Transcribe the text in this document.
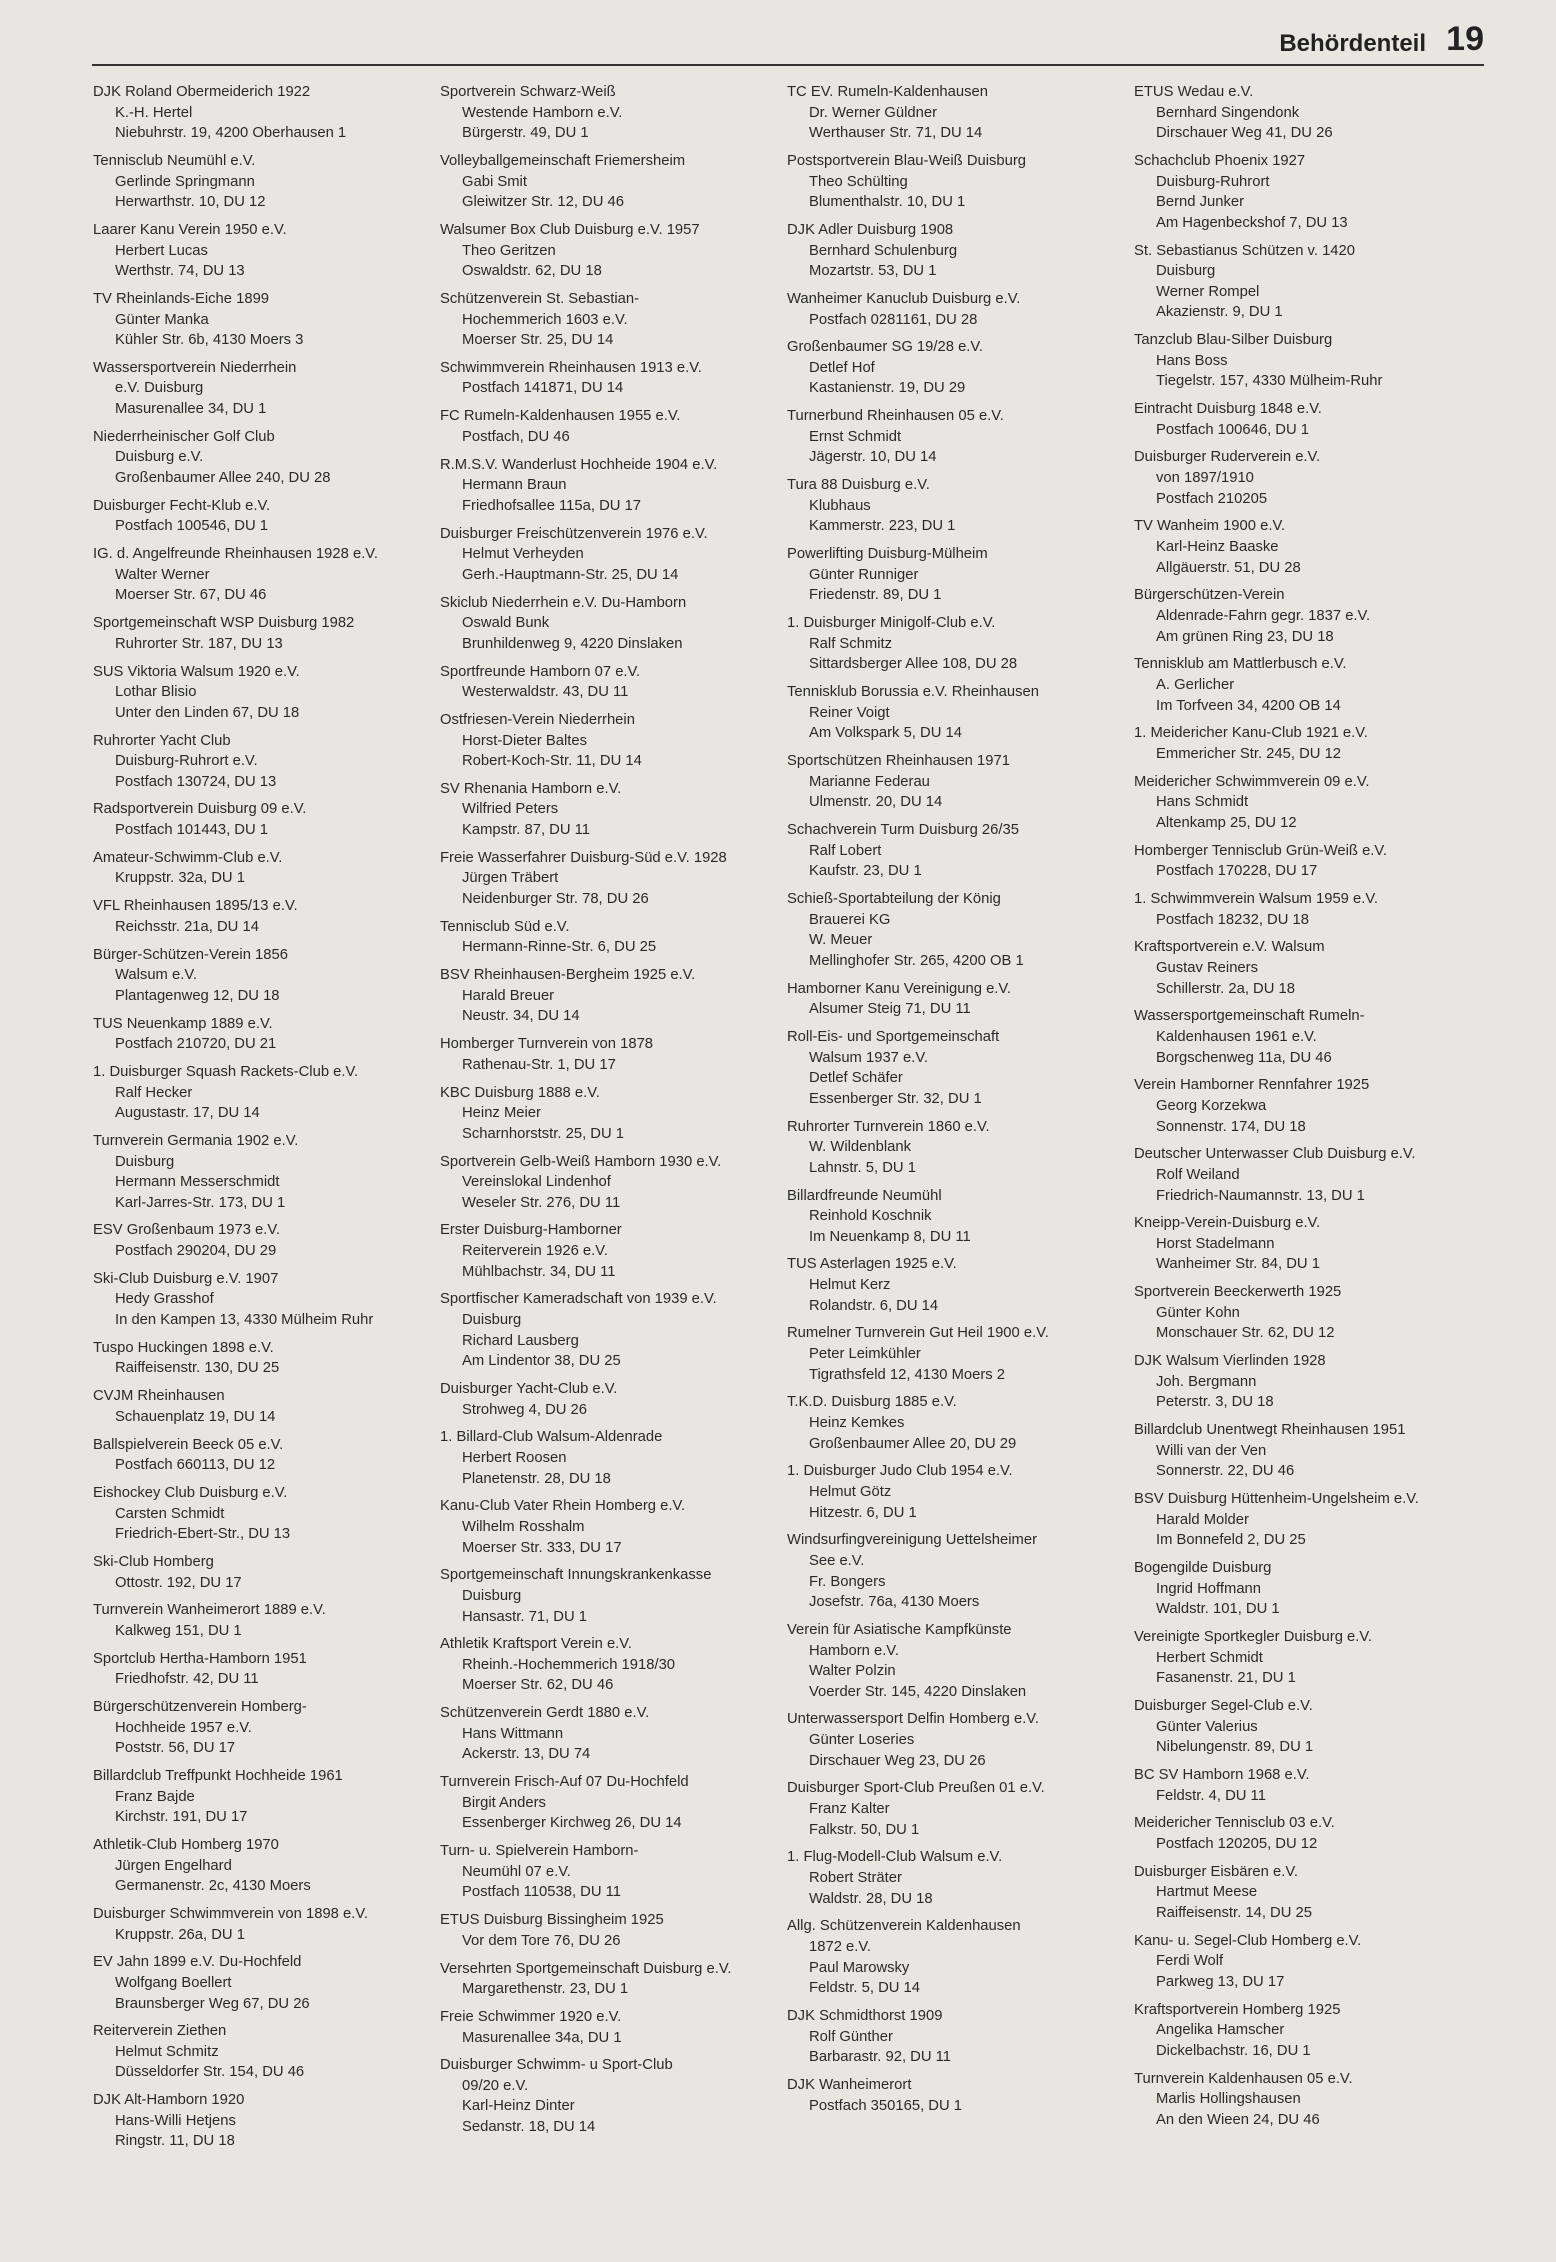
Behördenteil 19
DJK Roland Obermeiderich 1922
K.-H. Hertel
Niebuhrstr. 19, 4200 Oberhausen 1
Tennisclub Neumühl e.V.
Gerlinde Springmann
Herwarthstr. 10, DU 12
Laarer Kanu Verein 1950 e.V.
Herbert Lucas
Werthstr. 74, DU 13
TV Rheinlands-Eiche 1899
Günter Manka
Kühler Str. 6b, 4130 Moers 3
Wassersportverein Niederrhein
e.V. Duisburg
Masurenallee 34, DU 1
Niederrheinischer Golf Club
Duisburg e.V.
Großenbaumer Allee 240, DU 28
Duisburger Fecht-Klub e.V.
Postfach 100546, DU 1
IG. d. Angelfreunde Rheinhausen 1928 e.V.
Walter Werner
Moerser Str. 67, DU 46
Sportgemeinschaft WSP Duisburg 1982
Ruhrorter Str. 187, DU 13
SUS Viktoria Walsum 1920 e.V.
Lothar Blisio
Unter den Linden 67, DU 18
Ruhrorter Yacht Club
Duisburg-Ruhrort e.V.
Postfach 130724, DU 13
Radsportverein Duisburg 09 e.V.
Postfach 101443, DU 1
Amateur-Schwimm-Club e.V.
Kruppstr. 32a, DU 1
VFL Rheinhausen 1895/13 e.V.
Reichsstr. 21a, DU 14
Bürger-Schützen-Verein 1856
Walsum e.V.
Plantagenweg 12, DU 18
TUS Neuenkamp 1889 e.V.
Postfach 210720, DU 21
1. Duisburger Squash Rackets-Club e.V.
Ralf Hecker
Augustastr. 17, DU 14
Turnverein Germania 1902 e.V.
Duisburg
Hermann Messerschmidt
Karl-Jarres-Str. 173, DU 1
ESV Großenbaum 1973 e.V.
Postfach 290204, DU 29
Ski-Club Duisburg e.V. 1907
Hedy Grasshof
In den Kampen 13, 4330 Mülheim Ruhr
Tuspo Huckingen 1898 e.V.
Raiffeisenstr. 130, DU 25
CVJM Rheinhausen
Schauenplatz 19, DU 14
Ballspielverein Beeck 05 e.V.
Postfach 660113, DU 12
Eishockey Club Duisburg e.V.
Carsten Schmidt
Friedrich-Ebert-Str., DU 13
Ski-Club Homberg
Ottostr. 192, DU 17
Turnverein Wanheimerort 1889 e.V.
Kalkweg 151, DU 1
Sportclub Hertha-Hamborn 1951
Friedhofstr. 42, DU 11
Bürgerschützenverein Homberg-
Hochheide 1957 e.V.
Poststr. 56, DU 17
Billardclub Treffpunkt Hochheide 1961
Franz Bajde
Kirchstr. 191, DU 17
Athletik-Club Homberg 1970
Jürgen Engelhard
Germanenstr. 2c, 4130 Moers
Duisburger Schwimmverein von 1898 e.V.
Kruppstr. 26a, DU 1
EV Jahn 1899 e.V. Du-Hochfeld
Wolfgang Boellert
Braunsberger Weg 67, DU 26
Reiterverein Ziethen
Helmut Schmitz
Düsseldorfer Str. 154, DU 46
DJK Alt-Hamborn 1920
Hans-Willi Hetjens
Ringstr. 11, DU 18
Sportverein Schwarz-Weiß
Westende Hamborn e.V.
Bürgerstr. 49, DU 1
Volleyballgemeinschaft Friemersheim
Gabi Smit
Gleiwitzer Str. 12, DU 46
Walsumer Box Club Duisburg e.V. 1957
Theo Geritzen
Oswaldstr. 62, DU 18
Schützenverein St. Sebastian-
Hochemmerich 1603 e.V.
Moerser Str. 25, DU 14
Schwimmverein Rheinhausen 1913 e.V.
Postfach 141871, DU 14
FC Rumeln-Kaldenhausen 1955 e.V.
Postfach, DU 46
R.M.S.V. Wanderlust Hochheide 1904 e.V.
Hermann Braun
Friedhofsallee 115a, DU 17
Duisburger Freischützenverein 1976 e.V.
Helmut Verheyden
Gerh.-Hauptmann-Str. 25, DU 14
Skiclub Niederrhein e.V. Du-Hamborn
Oswald Bunk
Brunhildenweg 9, 4220 Dinslaken
Sportfreunde Hamborn 07 e.V.
Westerwaldstr. 43, DU 11
Ostfriesen-Verein Niederrhein
Horst-Dieter Baltes
Robert-Koch-Str. 11, DU 14
SV Rhenania Hamborn e.V.
Wilfried Peters
Kampstr. 87, DU 11
Freie Wasserfahrer Duisburg-Süd e.V. 1928
Jürgen Träbert
Neidenburger Str. 78, DU 26
Tennisclub Süd e.V.
Hermann-Rinne-Str. 6, DU 25
BSV Rheinhausen-Bergheim 1925 e.V.
Harald Breuer
Neustr. 34, DU 14
Homberger Turnverein von 1878
Rathenau-Str. 1, DU 17
KBC Duisburg 1888 e.V.
Heinz Meier
Scharnhorststr. 25, DU 1
Sportverein Gelb-Weiß Hamborn 1930 e.V.
Vereinslokal Lindenhof
Weseler Str. 276, DU 11
Erster Duisburg-Hamborner
Reiterverein 1926 e.V.
Mühlbachstr. 34, DU 11
Sportfischer Kameradschaft von 1939 e.V.
Duisburg
Richard Lausberg
Am Lindentor 38, DU 25
Duisburger Yacht-Club e.V.
Strohweg 4, DU 26
1. Billard-Club Walsum-Aldenrade
Herbert Roosen
Planetenstr. 28, DU 18
Kanu-Club Vater Rhein Homberg e.V.
Wilhelm Rosshalm
Moerser Str. 333, DU 17
Sportgemeinschaft Innungskrankenkasse
Duisburg
Hansastr. 71, DU 1
Athletik Kraftsport Verein e.V.
Rheinh.-Hochemmerich 1918/30
Moerser Str. 62, DU 46
Schützenverein Gerdt 1880 e.V.
Hans Wittmann
Ackerstr. 13, DU 74
Turnverein Frisch-Auf 07 Du-Hochfeld
Birgit Anders
Essenberger Kirchweg 26, DU 14
Turn- u. Spielverein Hamborn-
Neumühl 07 e.V.
Postfach 110538, DU 11
ETUS Duisburg Bissingheim 1925
Vor dem Tore 76, DU 26
Versehrten Sportgemeinschaft Duisburg e.V.
Margarethenstr. 23, DU 1
Freie Schwimmer 1920 e.V.
Masurenallee 34a, DU 1
Duisburger Schwimm- u Sport-Club
09/20 e.V.
Karl-Heinz Dinter
Sedanstr. 18, DU 14
TC EV. Rumeln-Kaldenhausen
Dr. Werner Güldner
Werthauser Str. 71, DU 14
Postsportverein Blau-Weiß Duisburg
Theo Schülting
Blumenthalstr. 10, DU 1
DJK Adler Duisburg 1908
Bernhard Schulenburg
Mozartstr. 53, DU 1
Wanheimer Kanuclub Duisburg e.V.
Postfach 0281161, DU 28
Großenbaumer SG 19/28 e.V.
Detlef Hof
Kastanienstr. 19, DU 29
Turnerbund Rheinhausen 05 e.V.
Ernst Schmidt
Jägerstr. 10, DU 14
Tura 88 Duisburg e.V.
Klubhaus
Kammerstr. 223, DU 1
Powerlifting Duisburg-Mülheim
Günter Runniger
Friedenstr. 89, DU 1
1. Duisburger Minigolf-Club e.V.
Ralf Schmitz
Sittardsberger Allee 108, DU 28
Tennisklub Borussia e.V. Rheinhausen
Reiner Voigt
Am Volkspark 5, DU 14
Sportschützen Rheinhausen 1971
Marianne Federau
Ulmenstr. 20, DU 14
Schachverein Turm Duisburg 26/35
Ralf Lobert
Kaufstr. 23, DU 1
Schieß-Sportabteilung der König
Brauerei KG
W. Meuer
Mellinghofer Str. 265, 4200 OB 1
Hamborner Kanu Vereinigung e.V.
Alsumer Steig 71, DU 11
Roll-Eis- und Sportgemeinschaft
Walsum 1937 e.V.
Detlef Schäfer
Essenberger Str. 32, DU 1
Ruhrorter Turnverein 1860 e.V.
W. Wildenblank
Lahnstr. 5, DU 1
Billardfreunde Neumühl
Reinhold Koschnik
Im Neuenkamp 8, DU 11
TUS Asterlagen 1925 e.V.
Helmut Kerz
Rolandstr. 6, DU 14
Rumelner Turnverein Gut Heil 1900 e.V.
Peter Leimkühler
Tigrathsfeld 12, 4130 Moers 2
T.K.D. Duisburg 1885 e.V.
Heinz Kemkes
Großenbaumer Allee 20, DU 29
1. Duisburger Judo Club 1954 e.V.
Helmut Götz
Hitzestr. 6, DU 1
Windsurfingvereinigung Uettelsheimer
See e.V.
Fr. Bongers
Josefstr. 76a, 4130 Moers
Verein für Asiatische Kampfkünste
Hamborn e.V.
Walter Polzin
Voerder Str. 145, 4220 Dinslaken
Unterwassersport Delfin Homberg e.V.
Günter Loseries
Dirschauer Weg 23, DU 26
Duisburger Sport-Club Preußen 01 e.V.
Franz Kalter
Falkstr. 50, DU 1
1. Flug-Modell-Club Walsum e.V.
Robert Sträter
Waldstr. 28, DU 18
Allg. Schützenverein Kaldenhausen
1872 e.V.
Paul Marowsky
Feldstr. 5, DU 14
DJK Schmidthorst 1909
Rolf Günther
Barbarastr. 92, DU 11
DJK Wanheimerort
Postfach 350165, DU 1
ETUS Wedau e.V.
Bernhard Singendonk
Dirschauer Weg 41, DU 26
Schachclub Phoenix 1927
Duisburg-Ruhrort
Bernd Junker
Am Hagenbeckshof 7, DU 13
St. Sebastianus Schützen v. 1420
Duisburg
Werner Rompel
Akazienstr. 9, DU 1
Tanzclub Blau-Silber Duisburg
Hans Boss
Tiegelstr. 157, 4330 Mülheim-Ruhr
Eintracht Duisburg 1848 e.V.
Postfach 100646, DU 1
Duisburger Ruderverein e.V.
von 1897/1910
Postfach 210205
TV Wanheim 1900 e.V.
Karl-Heinz Baaske
Allgäuerstr. 51, DU 28
Bürgerschützen-Verein
Aldenrade-Fahrn gegr. 1837 e.V.
Am grünen Ring 23, DU 18
Tennisklub am Mattlerbusch e.V.
A. Gerlicher
Im Torfveen 34, 4200 OB 14
1. Meidericher Kanu-Club 1921 e.V.
Emmericher Str. 245, DU 12
Meidericher Schwimmverein 09 e.V.
Hans Schmidt
Altenkamp 25, DU 12
Homberger Tennisclub Grün-Weiß e.V.
Postfach 170228, DU 17
1. Schwimmverein Walsum 1959 e.V.
Postfach 18232, DU 18
Kraftsportverein e.V. Walsum
Gustav Reiners
Schillerstr. 2a, DU 18
Wassersportgemeinschaft Rumeln-
Kaldenhausen 1961 e.V.
Borgschenweg 11a, DU 46
Verein Hamborner Rennfahrer 1925
Georg Korzekwa
Sonnenstr. 174, DU 18
Deutscher Unterwasser Club Duisburg e.V.
Rolf Weiland
Friedrich-Naumannstr. 13, DU 1
Kneipp-Verein-Duisburg e.V.
Horst Stadelmann
Wanheimer Str. 84, DU 1
Sportverein Beeckerwerth 1925
Günter Kohn
Monschauer Str. 62, DU 12
DJK Walsum Vierlinden 1928
Joh. Bergmann
Peterstr. 3, DU 18
Billardclub Unentwegt Rheinhausen 1951
Willi van der Ven
Sonnerstr. 22, DU 46
BSV Duisburg Hüttenheim-Ungelsheim e.V.
Harald Molder
Im Bonnefeld 2, DU 25
Bogengilde Duisburg
Ingrid Hoffmann
Waldstr. 101, DU 1
Vereinigte Sportkegler Duisburg e.V.
Herbert Schmidt
Fasanenstr. 21, DU 1
Duisburger Segel-Club e.V.
Günter Valerius
Nibelungenstr. 89, DU 1
BC SV Hamborn 1968 e.V.
Feldstr. 4, DU 11
Meidericher Tennisclub 03 e.V.
Postfach 120205, DU 12
Duisburger Eisbären e.V.
Hartmut Meese
Raiffeisenstr. 14, DU 25
Kanu- u. Segel-Club Homberg e.V.
Ferdi Wolf
Parkweg 13, DU 17
Kraftsportverein Homberg 1925
Angelika Hamscher
Dickelbachstr. 16, DU 1
Turnverein Kaldenhausen 05 e.V.
Marlis Hollingshausen
An den Wieen 24, DU 46
